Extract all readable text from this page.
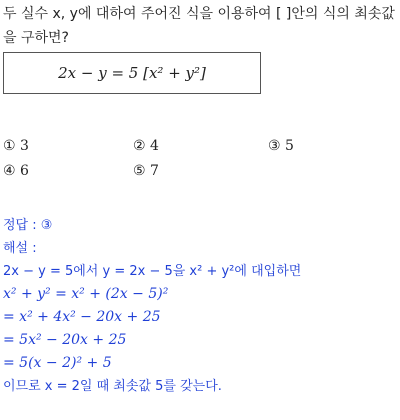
두 실수 x, y에 대하여 주어진 식을 이용하여 [ ]안의 식의 최솟값
을 구하면?
2x − y = 5 [x² + y²]
① 3	② 4	③ 5
④ 6	⑤ 7
정답 : ③
해설 :
2x − y = 5에서 y = 2x − 5을 x² + y²에 대입하면
x² + y² = x² + (2x − 5)²
= x² + 4x² − 20x + 25
= 5x² − 20x + 25
= 5(x − 2)² + 5
이므로 x = 2일 때 최솟값 5를 갖는다.
